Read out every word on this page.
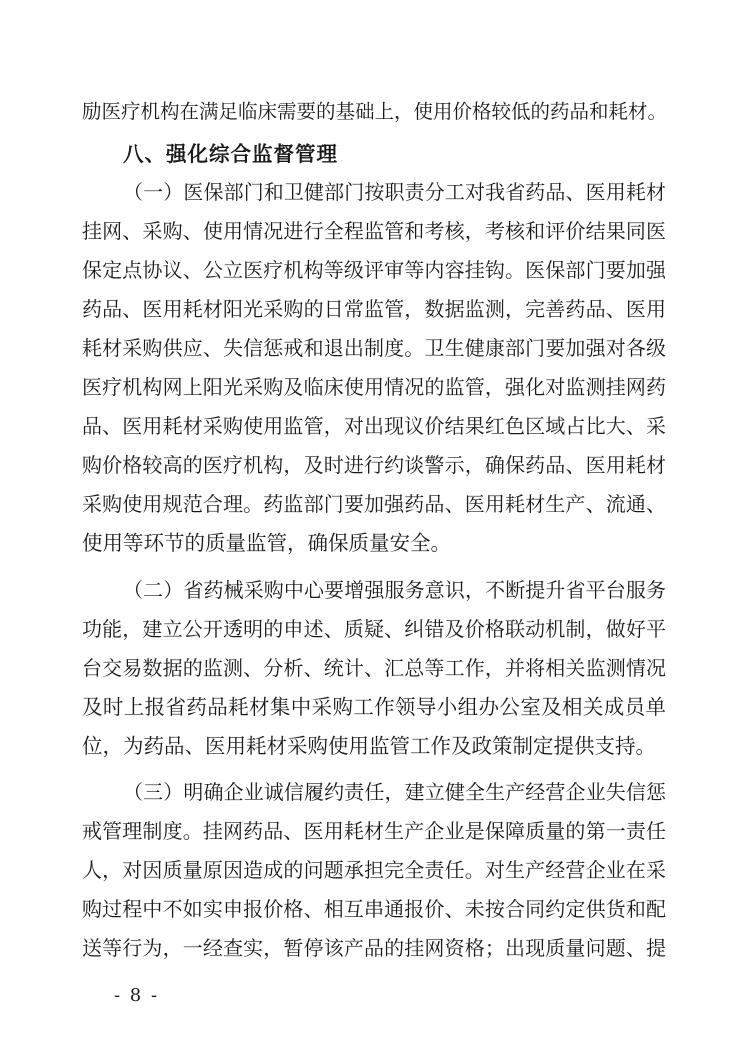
励医疗机构在满足临床需要的基础上，使用价格较低的药品和耗材。
八、强化综合监督管理
（一）医保部门和卫健部门按职责分工对我省药品、医用耗材
挂网、采购、使用情况进行全程监管和考核，考核和评价结果同医
保定点协议、公立医疗机构等级评审等内容挂钩。医保部门要加强
药品、医用耗材阳光采购的日常监管，数据监测，完善药品、医用
耗材采购供应、失信惩戒和退出制度。卫生健康部门要加强对各级
医疗机构网上阳光采购及临床使用情况的监管，强化对监测挂网药
品、医用耗材采购使用监管，对出现议价结果红色区域占比大、采
购价格较高的医疗机构，及时进行约谈警示，确保药品、医用耗材
采购使用规范合理。药监部门要加强药品、医用耗材生产、流通、
使用等环节的质量监管，确保质量安全。
（二）省药械采购中心要增强服务意识，不断提升省平台服务
功能，建立公开透明的申述、质疑、纠错及价格联动机制，做好平
台交易数据的监测、分析、统计、汇总等工作，并将相关监测情况
及时上报省药品耗材集中采购工作领导小组办公室及相关成员单
位，为药品、医用耗材采购使用监管工作及政策制定提供支持。
（三）明确企业诚信履约责任，建立健全生产经营企业失信惩
戒管理制度。挂网药品、医用耗材生产企业是保障质量的第一责任
人，对因质量原因造成的问题承担完全责任。对生产经营企业在采
购过程中不如实申报价格、相互串通报价、未按合同约定供货和配
送等行为，一经查实，暂停该产品的挂网资格；出现质量问题、提
- 8 -
